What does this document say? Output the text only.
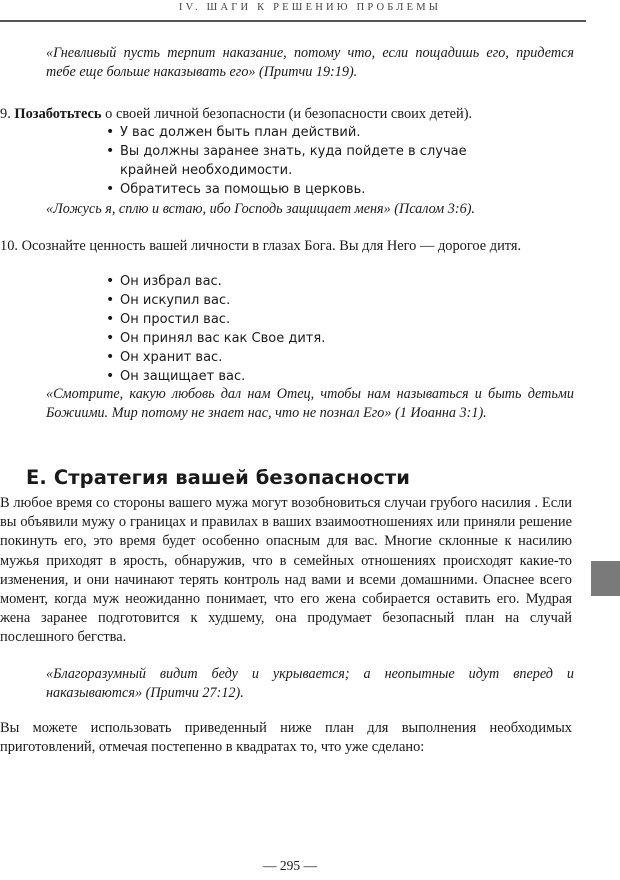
IV. ШАГИ К РЕШЕНИЮ ПРОБЛЕМЫ
«Гневливый пусть терпит наказание, потому что, если пощадишь его, придется тебе еще больше наказывать его» (Притчи 19:19).
9. Позаботьтесь о своей личной безопасности (и безопасности своих детей).
• У вас должен быть план действий.
• Вы должны заранее знать, куда пойдете в случае крайней необходимости.
• Обратитесь за помощью в церковь.
«Ложусь я, сплю и встаю, ибо Господь защищает меня» (Псалом 3:6).
10. Осознайте ценность вашей личности в глазах Бога. Вы для Него — дорогое дитя.
• Он избрал вас.
• Он искупил вас.
• Он простил вас.
• Он принял вас как Свое дитя.
• Он хранит вас.
• Он защищает вас.
«Смотрите, какую любовь дал нам Отец, чтобы нам называться и быть детьми Божиими. Мир потому не знает нас, что не познал Его» (1 Иоанна 3:1).
Е. Стратегия вашей безопасности
В любое время со стороны вашего мужа могут возобновиться случаи грубого насилия . Если вы объявили мужу о границах и правилах в ваших взаимоотношениях или приняли решение покинуть его, это время будет особенно опасным для вас. Многие склонные к насилию мужья приходят в ярость, обнаружив, что в семейных отношениях происходят какие-то изменения, и они начинают терять контроль над вами и всеми домашними. Опаснее всего момент, когда муж неожиданно понимает, что его жена собирается оставить его. Мудрая жена заранее подготовится к худшему, она продумает безопасный план на случай послешного бегства.
«Благоразумный видит беду и укрывается; а неопытные идут вперед и наказываются» (Притчи 27:12).
Вы можете использовать приведенный ниже план для выполнения необходимых приготовлений, отмечая постепенно в квадратах то, что уже сделано:
— 295 —
